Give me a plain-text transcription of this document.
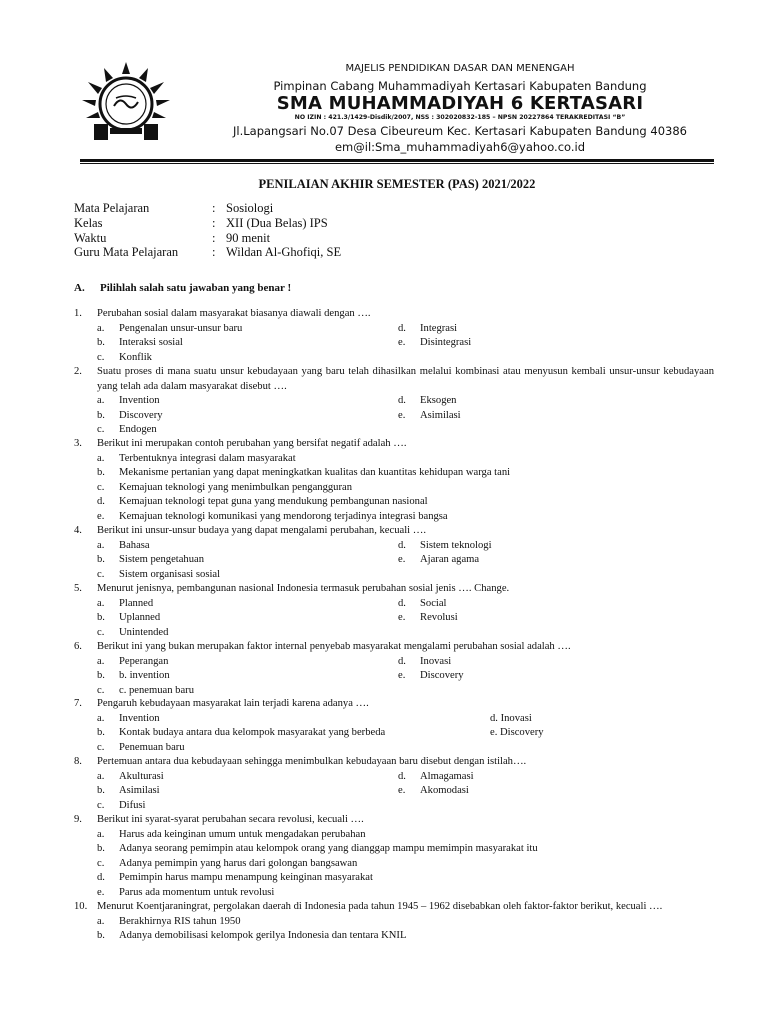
MAJELIS PENDIDIKAN DASAR DAN MENENGAH
Pimpinan Cabang Muhammadiyah Kertasari Kabupaten Bandung
SMA MUHAMMADIYAH 6 KERTASARI
NO IZIN : 421.3/1429-Disdik/2007, NSS : 302020832-185 – NPSN 20227864 TERAKREDITASI “B”
Jl.Lapangsari No.07 Desa Cibeureum Kec. Kertasari Kabupaten Bandung 40386
em@il:Sma_muhammadiyah6@yahoo.co.id
PENILAIAN AKHIR SEMESTER (PAS) 2021/2022
Mata Pelajaran	: Sosiologi
Kelas	: XII (Dua Belas) IPS
Waktu	: 90 menit
Guru Mata Pelajaran	: Wildan Al-Ghofiqi, SE
A. Pilihlah salah satu jawaban yang benar !
1.	Perubahan sosial dalam masyarakat biasanya diawali dengan ….
a. Pengenalan unsur-unsur baru	d. Integrasi
b. Interaksi sosial	e. Disintegrasi
c. Konflik
2.	Suatu proses di mana suatu unsur kebudayaan yang baru telah dihasilkan melalui kombinasi atau menyusun kembali unsur-unsur kebudayaan yang telah ada dalam masyarakat disebut ….
a. Invention	d. Eksogen
b. Discovery	e. Asimilasi
c. Endogen
3.	Berikut ini merupakan contoh perubahan yang bersifat negatif adalah ….
a. Terbentuknya integrasi dalam masyarakat
b. Mekanisme pertanian yang dapat meningkatkan kualitas dan kuantitas kehidupan warga tani
c. Kemajuan teknologi yang menimbulkan pengangguran
d. Kemajuan teknologi tepat guna yang mendukung pembangunan nasional
e. Kemajuan teknologi komunikasi yang mendorong terjadinya integrasi bangsa
4.	Berikut ini unsur-unsur budaya yang dapat mengalami perubahan, kecuali ….
a. Bahasa	d. Sistem teknologi
b. Sistem pengetahuan	e. Ajaran agama
c. Sistem organisasi sosial
5.	Menurut jenisnya, pembangunan nasional Indonesia termasuk perubahan sosial jenis …. Change.
a. Planned	d. Social
b. Uplanned	e. Revolusi
c. Unintended
6.	Berikut ini yang bukan merupakan faktor internal penyebab masyarakat mengalami perubahan sosial adalah ….
a. Peperangan	d. Inovasi
b. b. invention	e. Discovery
c. c. penemuan baru
7.	Pengaruh kebudayaan masyarakat lain terjadi karena adanya ….
a. Invention	d. Inovasi
b. Kontak budaya antara dua kelompok masyarakat yang berbeda	e. Discovery
c. Penemuan baru
8.	Pertemuan antara dua kebudayaan sehingga menimbulkan kebudayaan baru disebut dengan istilah….
a. Akulturasi	d. Almagamasi
b. Asimilasi	e. Akomodasi
c. Difusi
9.	Berikut ini syarat-syarat perubahan secara revolusi, kecuali ….
a. Harus ada keinginan umum untuk mengadakan perubahan
b. Adanya seorang pemimpin atau kelompok orang yang dianggap mampu memimpin masyarakat itu
c. Adanya pemimpin yang harus dari golongan bangsawan
d. Pemimpin harus mampu menampung keinginan masyarakat
e. Parus ada momentum untuk revolusi
10. Menurut Koentjaraningrat, pergolakan daerah di Indonesia pada tahun 1945 – 1962 disebabkan oleh faktor-faktor berikut, kecuali ….
a. Berakhirnya RIS tahun 1950
b. Adanya demobilisasi kelompok gerilya Indonesia dan tentara KNIL
